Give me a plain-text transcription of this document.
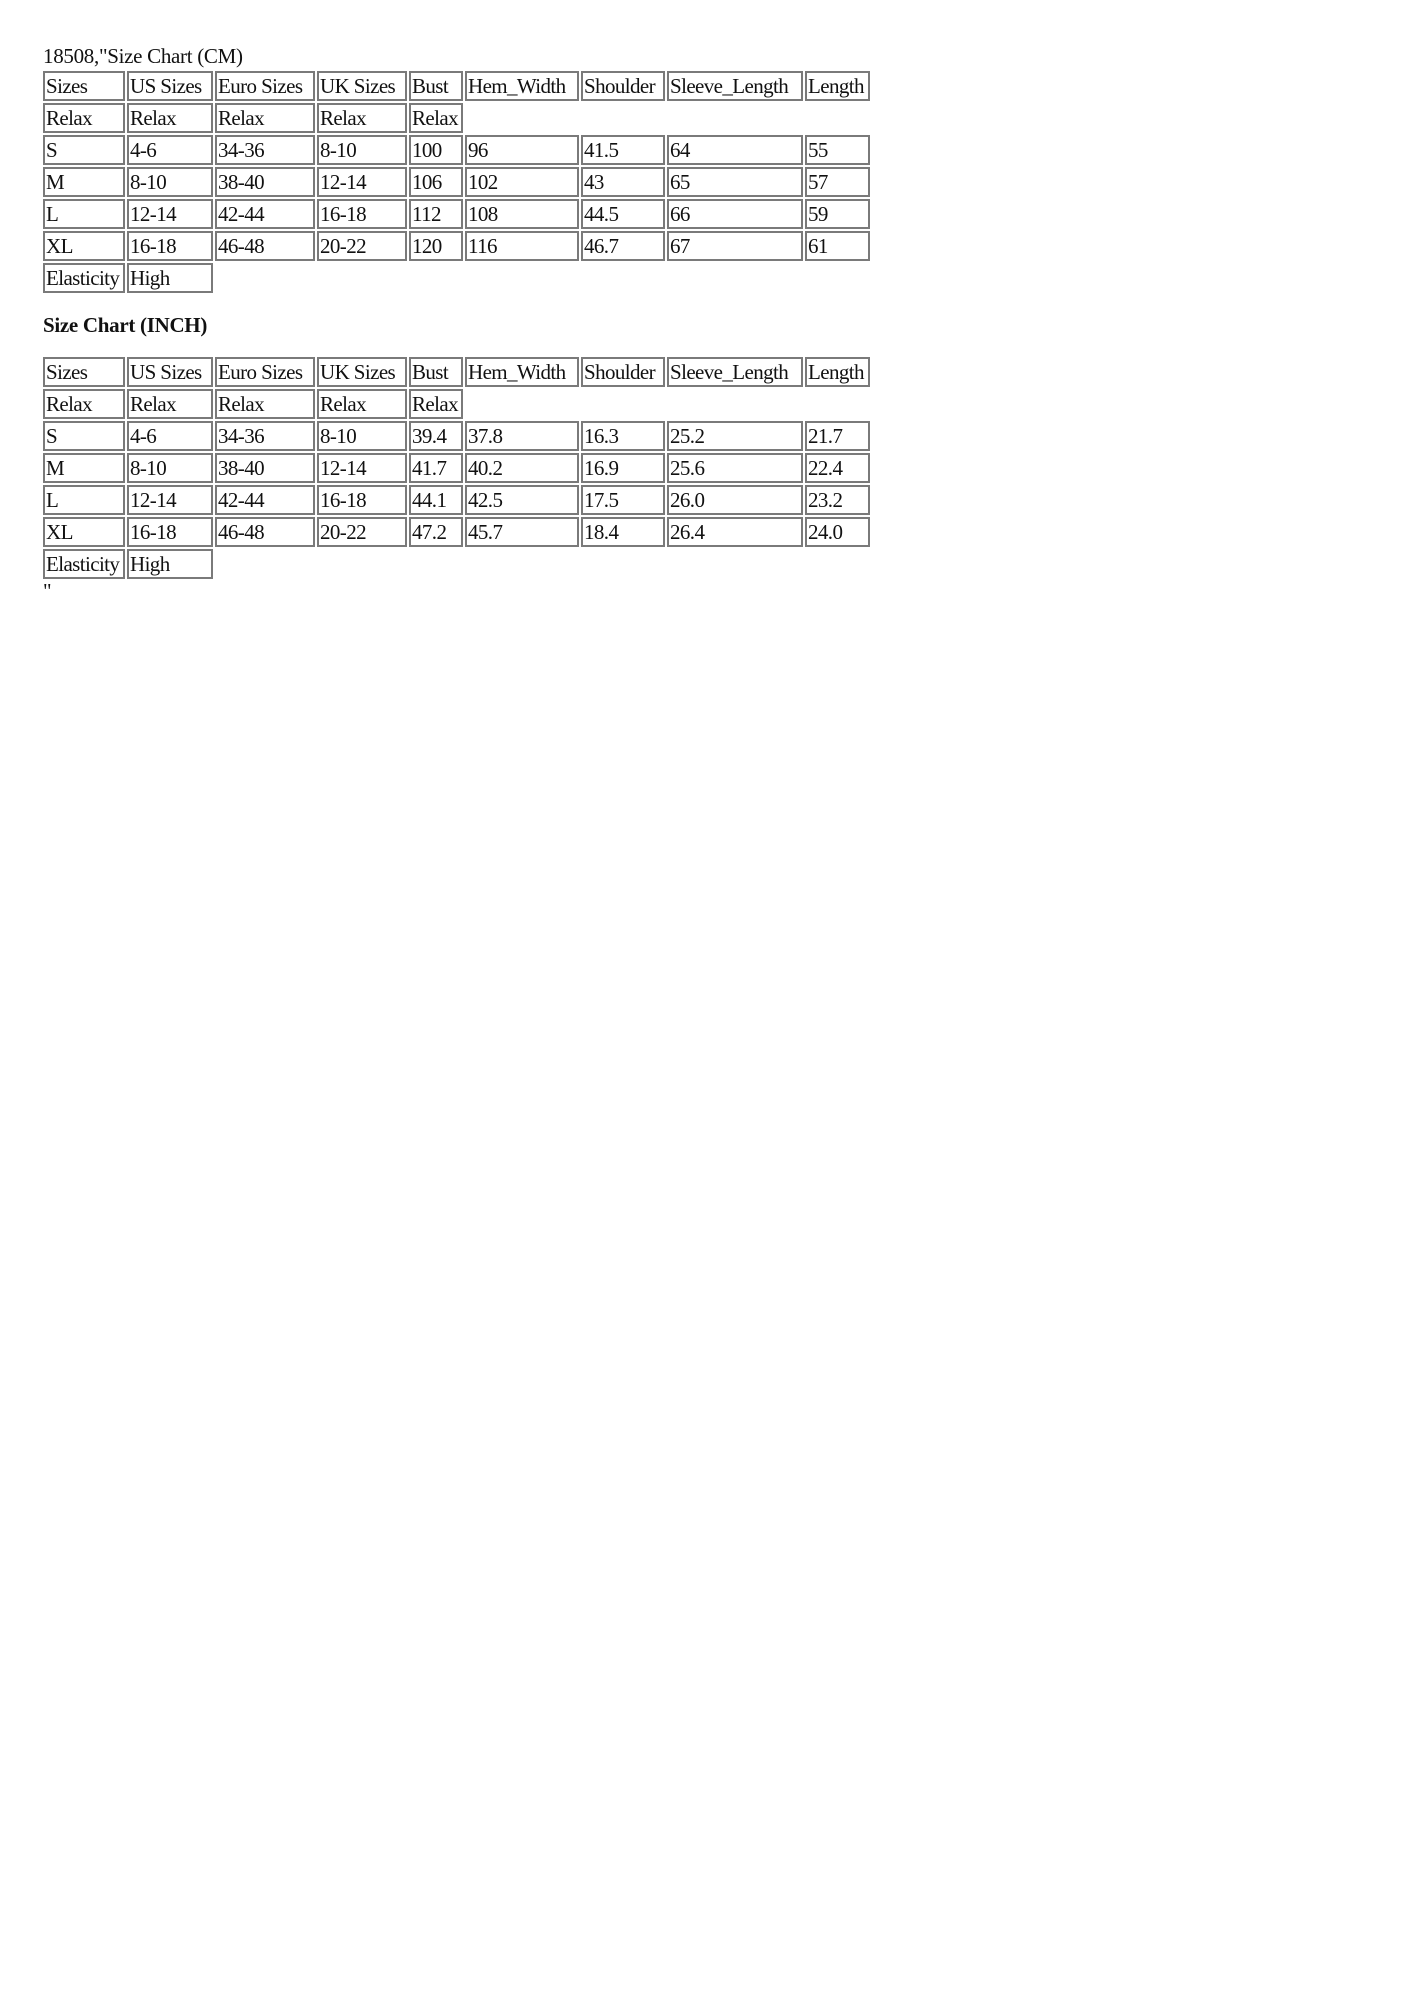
18508,"Size Chart (CM)
Sizes	US Sizes	Euro Sizes	UK Sizes	Bust	Hem_Width	Shoulder	Sleeve_Length	Length
Relax	Relax	Relax	Relax	Relax				
S	4-6	34-36	8-10	100	96	41.5	64	55
M	8-10	38-40	12-14	106	102	43	65	57
L	12-14	42-44	16-18	112	108	44.5	66	59
XL	16-18	46-48	20-22	120	116	46.7	67	61
Elasticity	High							
Size Chart (INCH)
Sizes	US Sizes	Euro Sizes	UK Sizes	Bust	Hem_Width	Shoulder	Sleeve_Length	Length
Relax	Relax	Relax	Relax	Relax				
S	4-6	34-36	8-10	39.4	37.8	16.3	25.2	21.7
M	8-10	38-40	12-14	41.7	40.2	16.9	25.6	22.4
L	12-14	42-44	16-18	44.1	42.5	17.5	26.0	23.2
XL	16-18	46-48	20-22	47.2	45.7	18.4	26.4	24.0
Elasticity	High							
"
